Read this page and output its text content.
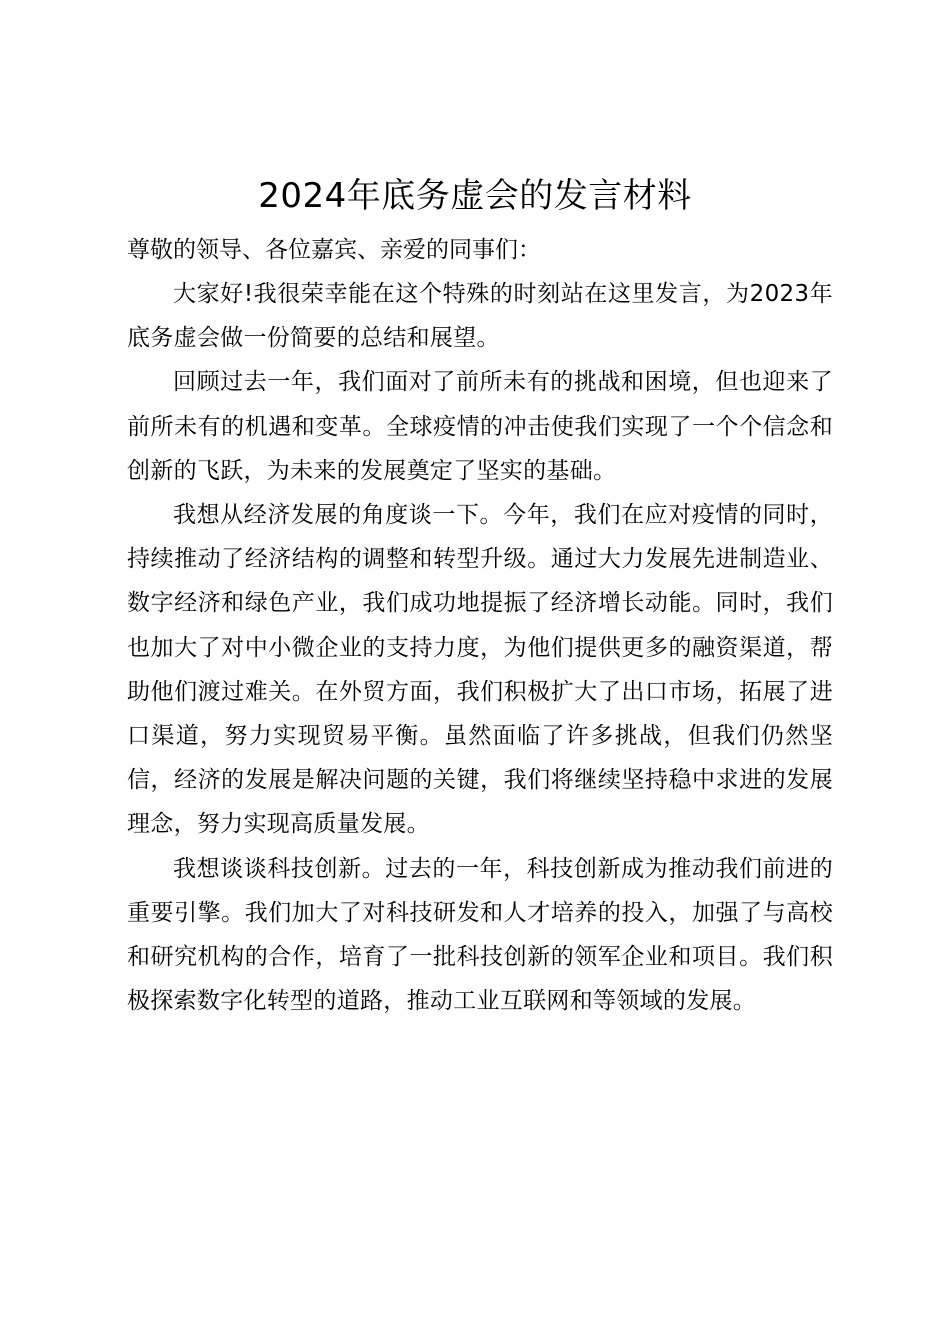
2024年底务虚会的发言材料

尊敬的领导、各位嘉宾、亲爱的同事们：

大家好!我很荣幸能在这个特殊的时刻站在这里发言，为2023年底务虚会做一份简要的总结和展望。

回顾过去一年，我们面对了前所未有的挑战和困境，但也迎来了前所未有的机遇和变革。全球疫情的冲击使我们实现了一个个信念和创新的飞跃，为未来的发展奠定了坚实的基础。

我想从经济发展的角度谈一下。今年，我们在应对疫情的同时，持续推动了经济结构的调整和转型升级。通过大力发展先进制造业、数字经济和绿色产业，我们成功地提振了经济增长动能。同时，我们也加大了对中小微企业的支持力度，为他们提供更多的融资渠道，帮助他们渡过难关。在外贸方面，我们积极扩大了出口市场，拓展了进口渠道，努力实现贸易平衡。虽然面临了许多挑战，但我们仍然坚信，经济的发展是解决问题的关键，我们将继续坚持稳中求进的发展理念，努力实现高质量发展。

我想谈谈科技创新。过去的一年，科技创新成为推动我们前进的重要引擎。我们加大了对科技研发和人才培养的投入，加强了与高校和研究机构的合作，培育了一批科技创新的领军企业和项目。我们积极探索数字化转型的道路，推动工业互联网和等领域的发展。
